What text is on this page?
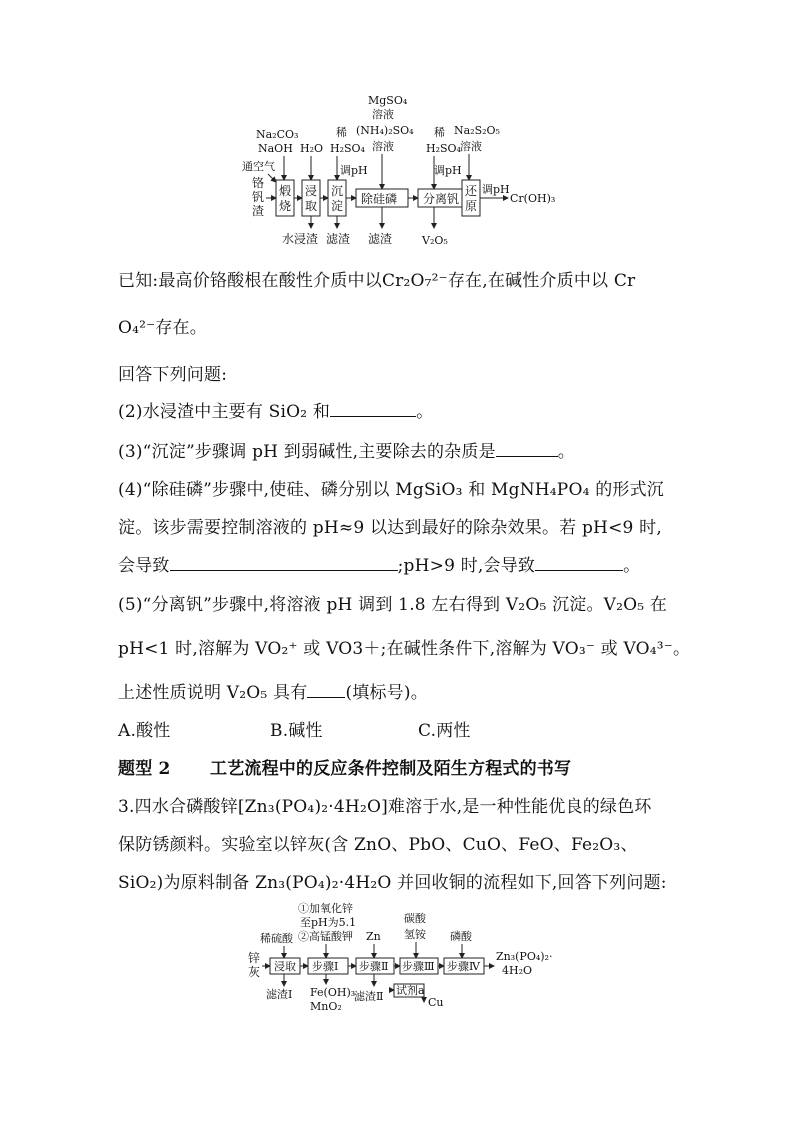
铬
钒
渣
Na₂CO₃
NaOH
通空气
煅
烧
H₂O
浸
取
水浸渣
稀
H₂SO₄
调pH
沉
淀
滤渣
MgSO₄
溶液
(NH₄)₂SO₄
溶液
除硅磷
滤渣
稀
H₂SO₄
调pH
分离钒
V₂O₅
Na₂S₂O₅
溶液
还
原
调pH
Cr(OH)₃
已知:最高价铬酸根在酸性介质中以Cr₂O₇²⁻存在,在碱性介质中以 Cr
O₄²⁻存在。
回答下列问题:
(2)水浸渣中主要有 SiO₂ 和	。
(3)“沉淀”步骤调 pH 到弱碱性,主要除去的杂质是	。
(4)“除硅磷”步骤中,使硅、磷分别以 MgSiO₃ 和 MgNH₄PO₄ 的形式沉
淀。该步需要控制溶液的 pH≈9 以达到最好的除杂效果。若 pH<9 时,
会导致	;pH>9 时,会导致	。
(5)“分离钒”步骤中,将溶液 pH 调到 1.8 左右得到 V₂O₅ 沉淀。V₂O₅ 在
pH<1 时,溶解为 VO₂⁺ 或 VO3＋;在碱性条件下,溶解为 VO₃⁻ 或 VO₄³⁻。
上述性质说明 V₂O₅ 具有 (填标号)。
A.酸性	B.碱性	C.两性
题型 2 工艺流程中的反应条件控制及陌生方程式的书写
3.四水合磷酸锌[Zn₃(PO₄)₂·4H₂O]难溶于水,是一种性能优良的绿色环
保防锈颜料。实验室以锌灰(含 ZnO、PbO、CuO、FeO、Fe₂O₃、
SiO₂)为原料制备 Zn₃(PO₄)₂·4H₂O 并回收铜的流程如下,回答下列问题:
锌
灰
稀硫酸
浸取
滤渣Ⅰ
①加氧化锌
至pH为5.1
②高锰酸钾
步骤Ⅰ
Fe(OH)₃
MnO₂
Zn
步骤Ⅱ
滤渣Ⅱ 试剂a
Cu
碳酸
氢铵
步骤Ⅲ
磷酸
步骤Ⅳ
Zn₃(PO₄)₂·
4H₂O
